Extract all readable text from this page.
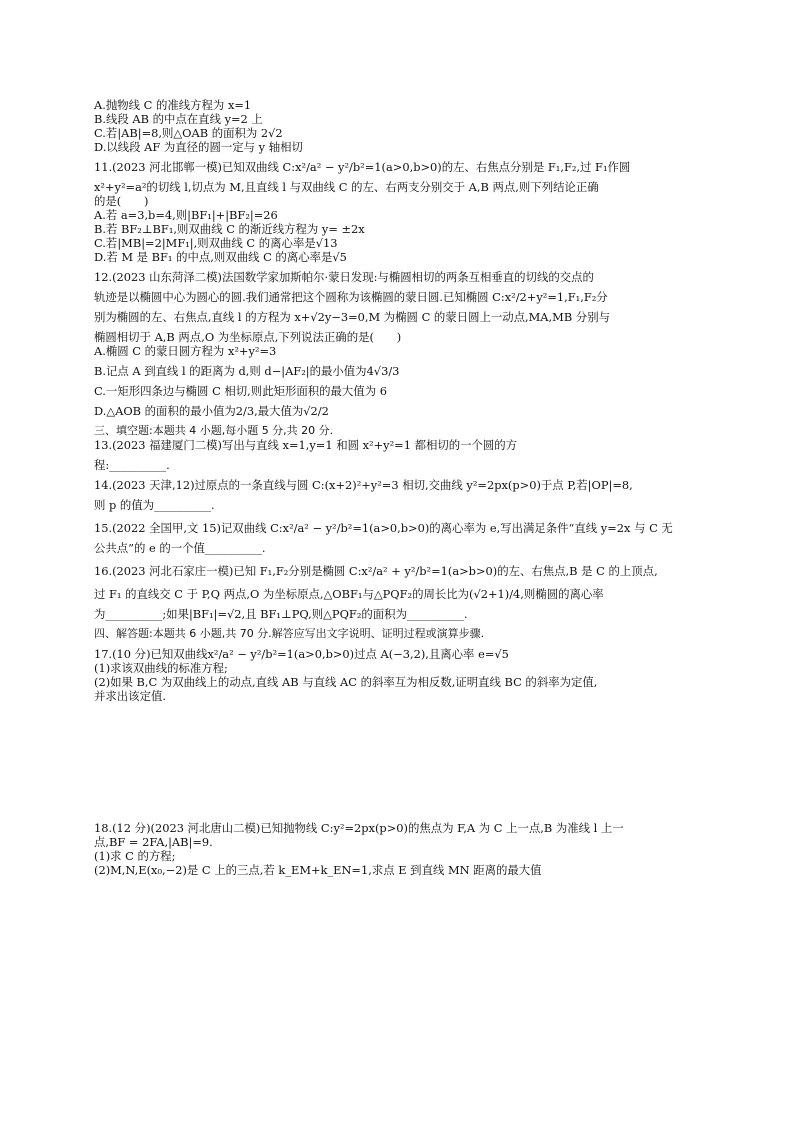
A.抛物线 C 的准线方程为 x=1

B.线段 AB 的中点在直线 y=2 上

C.若|AB|=8,则△OAB 的面积为 2√2

D.以线段 AF 为直径的圆一定与 y 轴相切

11.(2023 河北邯郸一模)已知双曲线 C:x²/a² − y²/b²=1(a>0,b>0)的左、右焦点分别是 F₁,F₂,过 F₁作圆

x²+y²=a²的切线 l,切点为 M,且直线 l 与双曲线 C 的左、右两支分别交于 A,B 两点,则下列结论正确

的是(　　)

A.若 a=3,b=4,则|BF₁|+|BF₂|=26

B.若 BF₂⊥BF₁,则双曲线 C 的渐近线方程为 y= ±2x

C.若|MB|=2|MF₁|,则双曲线 C 的离心率是√13

D.若 M 是 BF₁ 的中点,则双曲线 C 的离心率是√5

12.(2023 山东菏泽二模)法国数学家加斯帕尔·蒙日发现:与椭圆相切的两条互相垂直的切线的交点的

轨迹是以椭圆中心为圆心的圆.我们通常把这个圆称为该椭圆的蒙日圆.已知椭圆 C:x²/2+y²=1,F₁,F₂分

别为椭圆的左、右焦点,直线 l 的方程为 x+√2y−3=0,M 为椭圆 C 的蒙日圆上一动点,MA,MB 分别与

椭圆相切于 A,B 两点,O 为坐标原点,下列说法正确的是(　　)

A.椭圆 C 的蒙日圆方程为 x²+y²=3

B.记点 A 到直线 l 的距离为 d,则 d−|AF₂|的最小值为4√3/3

C.一矩形四条边与椭圆 C 相切,则此矩形面积的最大值为 6

D.△AOB 的面积的最小值为2/3,最大值为√2/2

三、填空题:本题共 4 小题,每小题 5 分,共 20 分.

13.(2023 福建厦门二模)写出与直线 x=1,y=1 和圆 x²+y²=1 都相切的一个圆的方

程:__________.

14.(2023 天津,12)过原点的一条直线与圆 C:(x+2)²+y²=3 相切,交曲线 y²=2px(p>0)于点 P,若|OP|=8,

则 p 的值为__________.

15.(2022 全国甲,文 15)记双曲线 C:x²/a² − y²/b²=1(a>0,b>0)的离心率为 e,写出满足条件“直线 y=2x 与 C 无

公共点”的 e 的一个值__________.

16.(2023 河北石家庄一模)已知 F₁,F₂分别是椭圆 C:x²/a² + y²/b²=1(a>b>0)的左、右焦点,B 是 C 的上顶点,

过 F₁ 的直线交 C 于 P,Q 两点,O 为坐标原点,△OBF₁与△PQF₂的周长比为(√2+1)/4,则椭圆的离心率

为__________;如果|BF₁|=√2,且 BF₁⊥PQ,则△PQF₂的面积为__________.

四、解答题:本题共 6 小题,共 70 分.解答应写出文字说明、证明过程或演算步骤.

17.(10 分)已知双曲线x²/a² − y²/b²=1(a>0,b>0)过点 A(−3,2),且离心率 e=√5

(1)求该双曲线的标准方程;

(2)如果 B,C 为双曲线上的动点,直线 AB 与直线 AC 的斜率互为相反数,证明直线 BC 的斜率为定值,

并求出该定值.

18.(12 分)(2023 河北唐山二模)已知抛物线 C:y²=2px(p>0)的焦点为 F,A 为 C 上一点,B 为准线 l 上一

点,BF = 2FA,|AB|=9.

(1)求 C 的方程;

(2)M,N,E(x₀,−2)是 C 上的三点,若 k_EM+k_EN=1,求点 E 到直线 MN 距离的最大值
